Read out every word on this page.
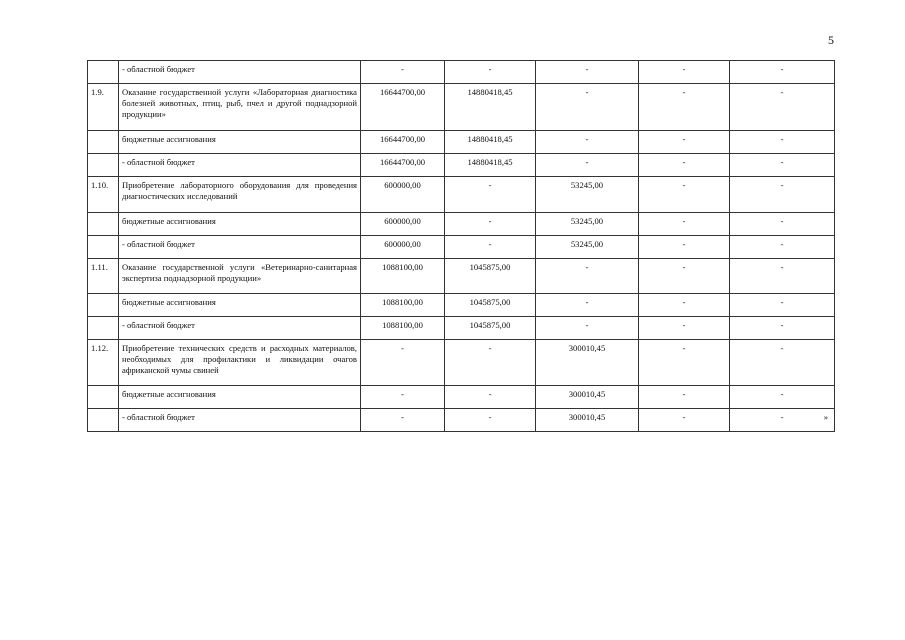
5
	- областной бюджет	-	-	-	-	-
1.9.	Оказание государственной услуги «Лабораторная диагностика болезней животных, птиц, рыб, пчел и другой поднадзорной продукции»	16644700,00	14880418,45	-	-	-
	бюджетные ассигнования	16644700,00	14880418,45	-	-	-
	- областной бюджет	16644700,00	14880418,45	-	-	-
1.10.	Приобретение лабораторного оборудования для проведения диагностических исследований	600000,00	-	53245,00	-	-
	бюджетные ассигнования	600000,00	-	53245,00	-	-
	- областной бюджет	600000,00	-	53245,00	-	-
1.11.	Оказание государственной услуги «Ветеринарно-санитарная экспертиза поднадзорной продукции»	1088100,00	1045875,00	-	-	-
	бюджетные ассигнования	1088100,00	1045875,00	-	-	-
	- областной бюджет	1088100,00	1045875,00	-	-	-
1.12.	Приобретение технических средств и расходных материалов, необходимых для профилактики и ликвидации очагов африканской чумы свиней	-	-	300010,45	-	-
	бюджетные ассигнования	-	-	300010,45	-	-
	- областной бюджет	-	-	300010,45	-	- »
